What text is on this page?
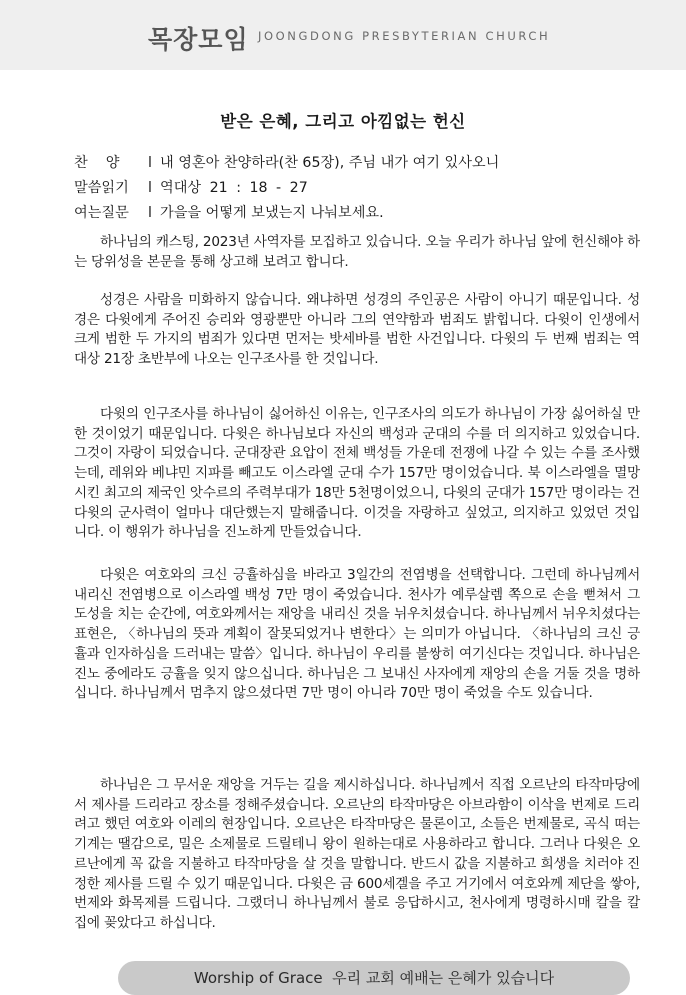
목장모임 JOONGDONG PRESBYTERIAN CHURCH
받은 은혜, 그리고 아낌없는 헌신
찬    양 l 내 영혼아 찬양하라(찬 65장), 주님 내가 여기 있사오니
말씀읽기 l 역대상 21 : 18 - 27
여는질문 l 가을을 어떻게 보냈는지 나눠보세요.

하나님의 캐스팅, 2023년 사역자를 모집하고 있습니다. 오늘 우리가 하나님 앞에 헌신해야 하는 당위성을 본문을 통해 상고해 보려고 합니다.

성경은 사람을 미화하지 않습니다. 왜냐하면 성경의 주인공은 사람이 아니기 때문입니다. 성경은 다윗에게 주어진 승리와 영광뿐만 아니라 그의 연약함과 범죄도 밝힙니다. 다윗이 인생에서 크게 범한 두 가지의 범죄가 있다면 먼저는 밧세바를 범한 사건입니다. 다윗의 두 번째 범죄는 역대상 21장 초반부에 나오는 인구조사를 한 것입니다.

다윗의 인구조사를 하나님이 싫어하신 이유는, 인구조사의 의도가 하나님이 가장 싫어하실 만한 것이었기 때문입니다. 다윗은 하나님보다 자신의 백성과 군대의 수를 더 의지하고 있었습니다. 그것이 자랑이 되었습니다. 군대장관 요압이 전체 백성들 가운데 전쟁에 나갈 수 있는 수를 조사했는데, 레위와 베냐민 지파를 빼고도 이스라엘 군대 수가 157만 명이었습니다. 북 이스라엘을 멸망시킨 최고의 제국인 앗수르의 주력부대가 18만 5천명이었으니, 다윗의 군대가 157만 명이라는 건 다윗의 군사력이 얼마나 대단했는지 말해줍니다. 이것을 자랑하고 싶었고, 의지하고 있었던 것입니다. 이 행위가 하나님을 진노하게 만들었습니다.

다윗은 여호와의 크신 긍휼하심을 바라고 3일간의 전염병을 선택합니다. 그런데 하나님께서 내리신 전염병으로 이스라엘 백성 7만 명이 죽었습니다. 천사가 예루살렘 쪽으로 손을 뻗쳐서 그 도성을 치는 순간에, 여호와께서는 재앙을 내리신 것을 뉘우치셨습니다. 하나님께서 뉘우치셨다는 표현은, 〈하나님의 뜻과 계획이 잘못되었거나 변한다〉는 의미가 아닙니다. 〈하나님의 크신 긍휼과 인자하심을 드러내는 말씀〉입니다. 하나님이 우리를 불쌍히 여기신다는 것입니다. 하나님은 진노 중에라도 긍휼을 잊지 않으십니다. 하나님은 그 보내신 사자에게 재앙의 손을 거둘 것을 명하십니다. 하나님께서 멈추지 않으셨다면 7만 명이 아니라 70만 명이 죽었을 수도 있습니다.

하나님은 그 무서운 재앙을 거두는 길을 제시하십니다. 하나님께서 직접 오르난의 타작마당에서 제사를 드리라고 장소를 정해주셨습니다. 오르난의 타작마당은 아브라함이 이삭을 번제로 드리려고 했던 여호와 이레의 현장입니다. 오르난은 타작마당은 물론이고, 소들은 번제물로, 곡식 떠는 기계는 땔감으로, 밀은 소제물로 드릴테니 왕이 원하는대로 사용하라고 합니다. 그러나 다윗은 오르난에게 꼭 값을 지불하고 타작마당을 살 것을 말합니다. 반드시 값을 지불하고 희생을 치러야 진정한 제사를 드릴 수 있기 때문입니다. 다윗은 금 600세겔을 주고 거기에서 여호와께 제단을 쌓아, 번제와 화목제를 드립니다. 그랬더니 하나님께서 불로 응답하시고, 천사에게 명령하시매 칼을 칼집에 꽂았다고 하십니다.

Worship of Grace  우리 교회 예배는 은혜가 있습니다
